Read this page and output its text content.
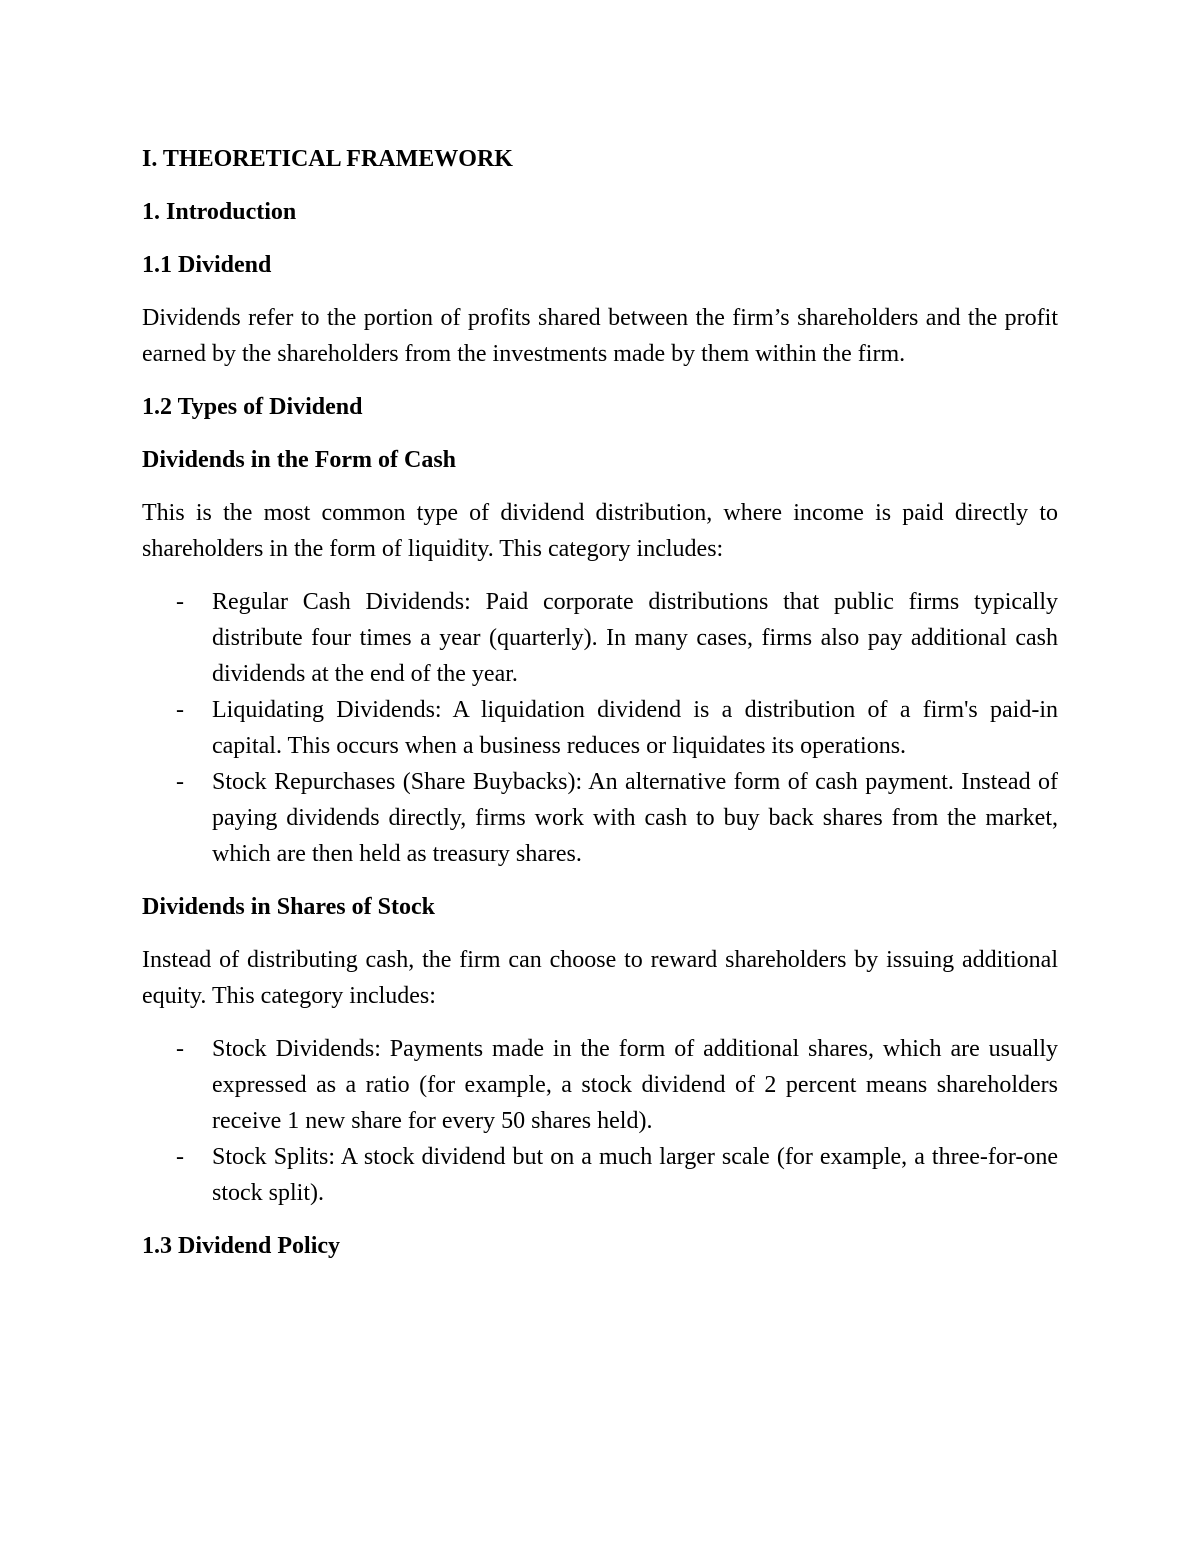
I. THEORETICAL FRAMEWORK
1. Introduction
1.1 Dividend
Dividends refer to the portion of profits shared between the firm’s shareholders and the profit earned by the shareholders from the investments made by them within the firm.
1.2 Types of Dividend
Dividends in the Form of Cash
This is the most common type of dividend distribution, where income is paid directly to shareholders in the form of liquidity. This category includes:
- Regular Cash Dividends: Paid corporate distributions that public firms typically distribute four times a year (quarterly). In many cases, firms also pay additional cash dividends at the end of the year.
- Liquidating Dividends: A liquidation dividend is a distribution of a firm's paid-in capital. This occurs when a business reduces or liquidates its operations.
- Stock Repurchases (Share Buybacks): An alternative form of cash payment. Instead of paying dividends directly, firms work with cash to buy back shares from the market, which are then held as treasury shares.
Dividends in Shares of Stock
Instead of distributing cash, the firm can choose to reward shareholders by issuing additional equity. This category includes:
- Stock Dividends: Payments made in the form of additional shares, which are usually expressed as a ratio (for example, a stock dividend of 2 percent means shareholders receive 1 new share for every 50 shares held).
- Stock Splits: A stock dividend but on a much larger scale (for example, a three-for-one stock split).
1.3 Dividend Policy
